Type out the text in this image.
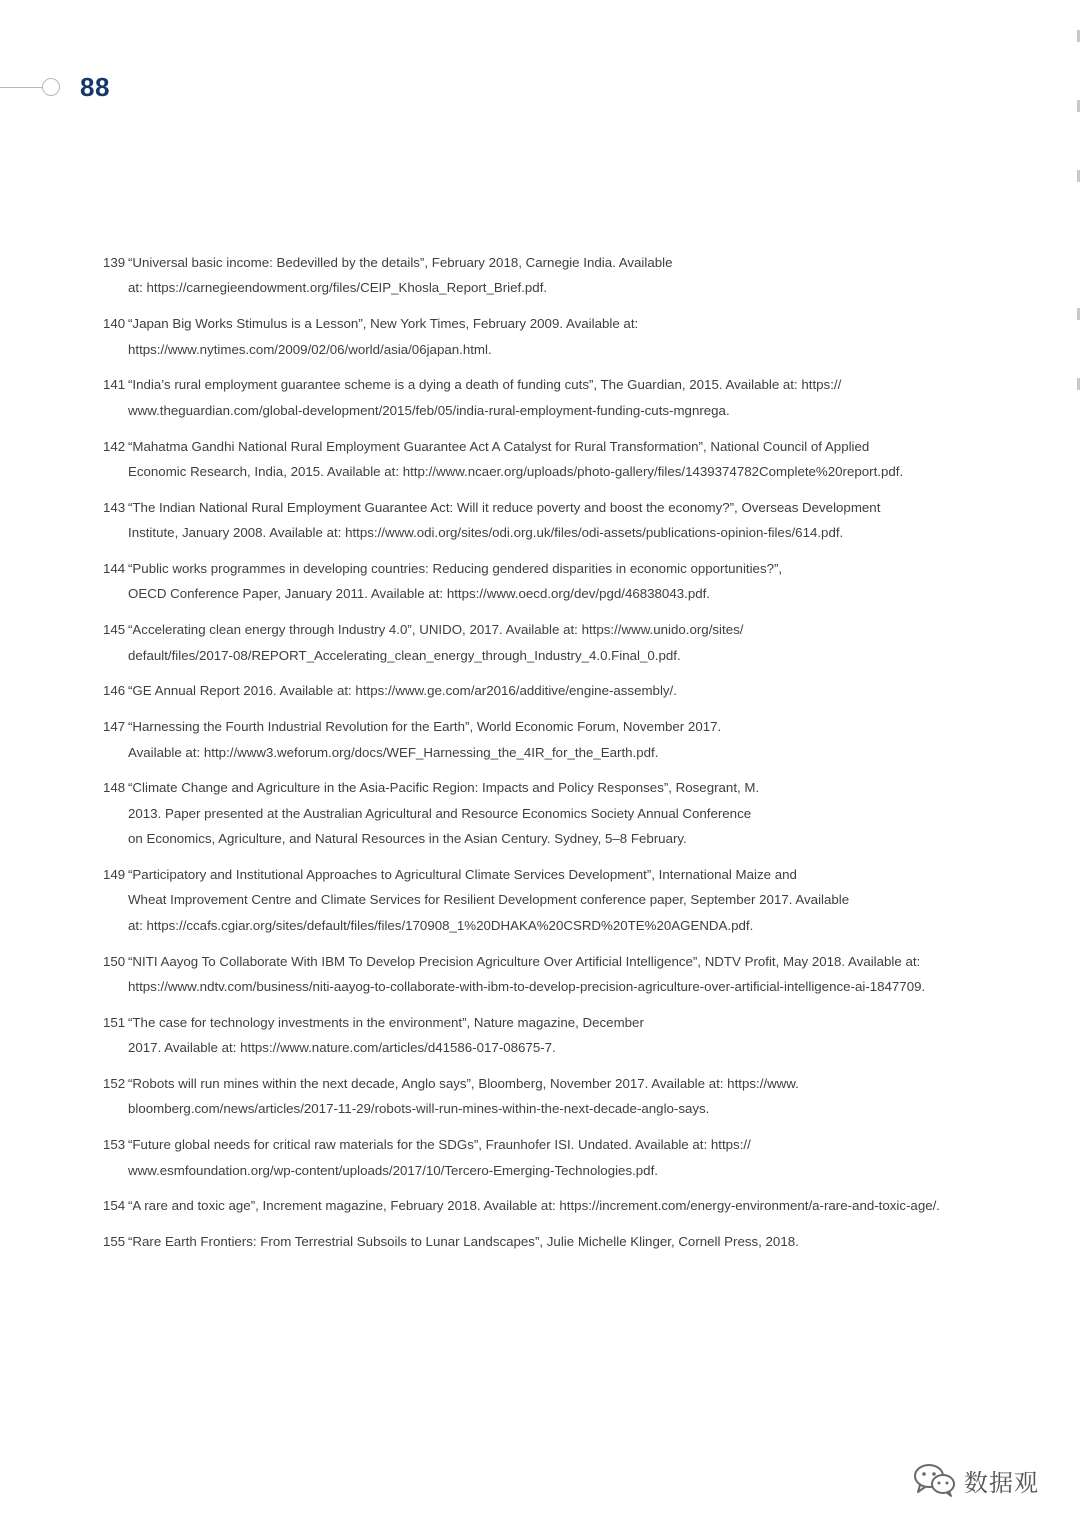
88
139 “Universal basic income: Bedevilled by the details”, February 2018, Carnegie India. Available
at: https://carnegieendowment.org/files/CEIP_Khosla_Report_Brief.pdf.
140 “Japan Big Works Stimulus is a Lesson”, New York Times, February 2009. Available at:
https://www.nytimes.com/2009/02/06/world/asia/06japan.html.
141 “India’s rural employment guarantee scheme is a dying a death of funding cuts”, The Guardian, 2015. Available at: https://
www.theguardian.com/global-development/2015/feb/05/india-rural-employment-funding-cuts-mgnrega.
142 “Mahatma Gandhi National Rural Employment Guarantee Act A Catalyst for Rural Transformation”, National Council of Applied
Economic Research, India, 2015. Available at: http://www.ncaer.org/uploads/photo-gallery/files/1439374782Complete%20report.pdf.
143 “The Indian National Rural Employment Guarantee Act: Will it reduce poverty and boost the economy?”, Overseas Development
Institute, January 2008. Available at: https://www.odi.org/sites/odi.org.uk/files/odi-assets/publications-opinion-files/614.pdf.
144 “Public works programmes in developing countries: Reducing gendered disparities in economic opportunities?”,
OECD Conference Paper, January 2011. Available at: https://www.oecd.org/dev/pgd/46838043.pdf.
145 “Accelerating clean energy through Industry 4.0”, UNIDO, 2017. Available at: https://www.unido.org/sites/
default/files/2017-08/REPORT_Accelerating_clean_energy_through_Industry_4.0.Final_0.pdf.
146 “GE Annual Report 2016. Available at: https://www.ge.com/ar2016/additive/engine-assembly/.
147 “Harnessing the Fourth Industrial Revolution for the Earth”, World Economic Forum, November 2017.
Available at: http://www3.weforum.org/docs/WEF_Harnessing_the_4IR_for_the_Earth.pdf.
148 “Climate Change and Agriculture in the Asia-Pacific Region: Impacts and Policy Responses”, Rosegrant, M.
2013. Paper presented at the Australian Agricultural and Resource Economics Society Annual Conference
on Economics, Agriculture, and Natural Resources in the Asian Century. Sydney, 5–8 February.
149 “Participatory and Institutional Approaches to Agricultural Climate Services Development”, International Maize and
Wheat Improvement Centre and Climate Services for Resilient Development conference paper, September 2017. Available
at: https://ccafs.cgiar.org/sites/default/files/files/170908_1%20DHAKA%20CSRD%20TE%20AGENDA.pdf.
150 “NITI Aayog To Collaborate With IBM To Develop Precision Agriculture Over Artificial Intelligence”, NDTV Profit, May 2018. Available at:
https://www.ndtv.com/business/niti-aayog-to-collaborate-with-ibm-to-develop-precision-agriculture-over-artificial-intelligence-ai-1847709.
151 “The case for technology investments in the environment”, Nature magazine, December
2017. Available at: https://www.nature.com/articles/d41586-017-08675-7.
152 “Robots will run mines within the next decade, Anglo says”, Bloomberg, November 2017. Available at: https://www.
bloomberg.com/news/articles/2017-11-29/robots-will-run-mines-within-the-next-decade-anglo-says.
153 “Future global needs for critical raw materials for the SDGs”, Fraunhofer ISI. Undated. Available at: https://
www.esmfoundation.org/wp-content/uploads/2017/10/Tercero-Emerging-Technologies.pdf.
154 “A rare and toxic age”, Increment magazine, February 2018. Available at: https://increment.com/energy-environment/a-rare-and-toxic-age/.
155 “Rare Earth Frontiers: From Terrestrial Subsoils to Lunar Landscapes”, Julie Michelle Klinger, Cornell Press, 2018.
数据观
